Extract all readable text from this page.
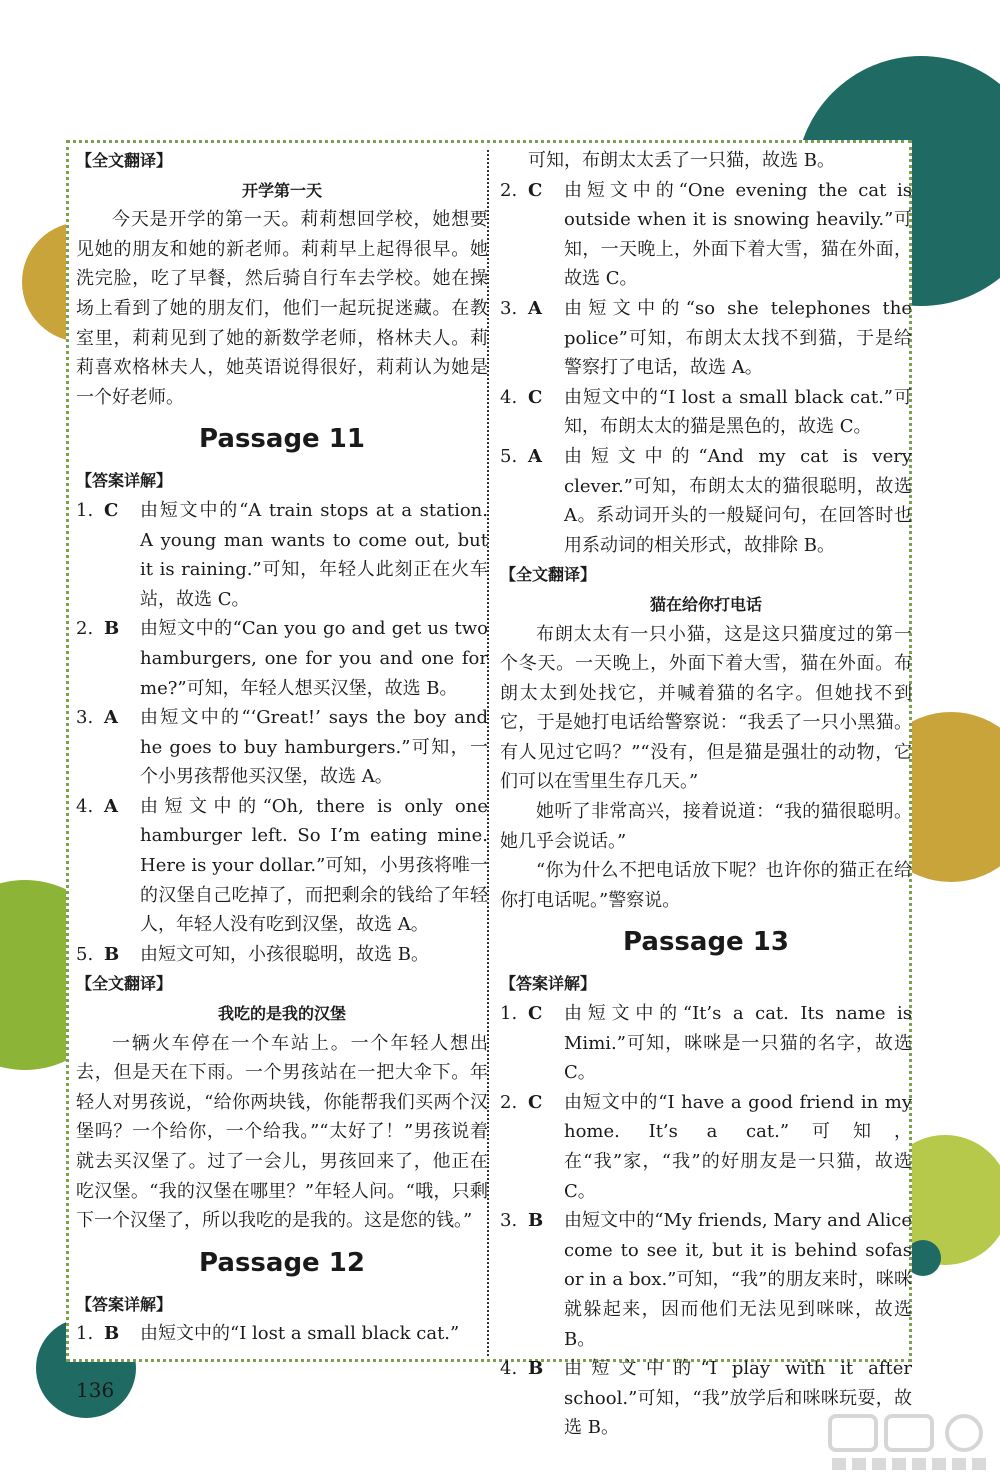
【全文翻译】
开学第一天

今天是开学的第一天。莉莉想回学校，她想要见她的朋友和她的新老师。莉莉早上起得很早。她洗完脸，吃了早餐，然后骑自行车去学校。她在操场上看到了她的朋友们，他们一起玩捉迷藏。在教室里，莉莉见到了她的新数学老师，格林夫人。莉莉喜欢格林夫人，她英语说得很好，莉莉认为她是一个好老师。

Passage 11
【答案详解】
1. C	由短文中的“A train stops at a station. A young man wants to come out, but it is raining.”可知，年轻人此刻正在火车站，故选 C。
2. B	由短文中的“Can you go and get us two hamburgers, one for you and one for me?”可知，年轻人想买汉堡，故选 B。
3. A	由短文中的“‘Great!’ says the boy and he goes to buy hamburgers.”可知，一个小男孩帮他买汉堡，故选 A。
4. A	由短文中的“Oh, there is only one hamburger left. So I’m eating mine. Here is your dollar.”可知，小男孩将唯一的汉堡自己吃掉了，而把剩余的钱给了年轻人，年轻人没有吃到汉堡，故选 A。
5. B	由短文可知，小孩很聪明，故选 B。
【全文翻译】
我吃的是我的汉堡

一辆火车停在一个车站上。一个年轻人想出去，但是天在下雨。一个男孩站在一把大伞下。年轻人对男孩说，“给你两块钱，你能帮我们买两个汉堡吗？一个给你，一个给我。”“太好了！”男孩说着就去买汉堡了。过了一会儿，男孩回来了，他正在吃汉堡。“我的汉堡在哪里？”年轻人问。“哦，只剩下一个汉堡了，所以我吃的是我的。这是您的钱。”

Passage 12
【答案详解】
1. B	由短文中的“I lost a small black cat.”

可知，布朗太太丢了一只猫，故选 B。

2. C	由短文中的“One evening the cat is outside when it is snowing heavily.”可知，一天晚上，外面下着大雪，猫在外面，故选 C。
3. A	由短文中的“so she telephones the police”可知，布朗太太找不到猫，于是给警察打了电话，故选 A。
4. C	由短文中的“I lost a small black cat.”可知，布朗太太的猫是黑色的，故选 C。
5. A	由短文中的“And my cat is very clever.”可知，布朗太太的猫很聪明，故选 A。系动词开头的一般疑问句，在回答时也用系动词的相关形式，故排除 B。
【全文翻译】
猫在给你打电话

布朗太太有一只小猫，这是这只猫度过的第一个冬天。一天晚上，外面下着大雪，猫在外面。布朗太太到处找它，并喊着猫的名字。但她找不到它，于是她打电话给警察说：“我丢了一只小黑猫。有人见过它吗？”“没有，但是猫是强壮的动物，它们可以在雪里生存几天。”

她听了非常高兴，接着说道：“我的猫很聪明。她几乎会说话。”

“你为什么不把电话放下呢？也许你的猫正在给你打电话呢。”警察说。

Passage 13
【答案详解】
1. C	由短文中的“It’s a cat. Its name is Mimi.”可知，咪咪是一只猫的名字，故选 C。
2. C	由短文中的“I have a good friend in my home. It’s a cat.”可知，在“我”家，“我”的好朋友是一只猫，故选 C。
3. B	由短文中的“My friends, Mary and Alice come to see it, but it is behind sofas or in a box.”可知，“我”的朋友来时，咪咪就躲起来，因而他们无法见到咪咪，故选 B。
4. B	由短文中的“I play with it after school.”可知，“我”放学后和咪咪玩耍，故选 B。
136
